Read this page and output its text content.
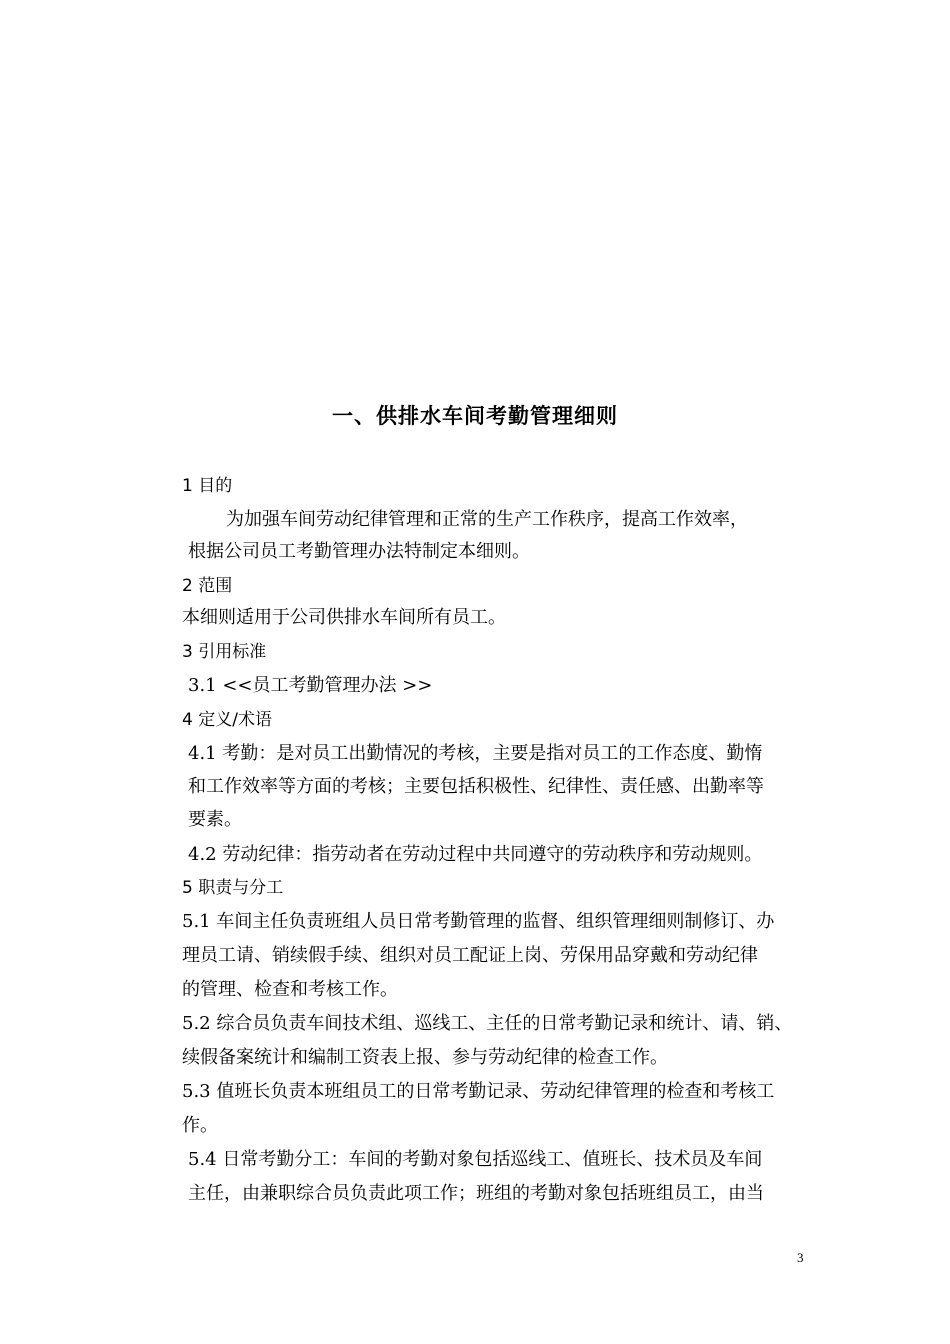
一、供排水车间考勤管理细则
1 目的
为加强车间劳动纪律管理和正常的生产工作秩序，提高工作效率，
根据公司员工考勤管理办法特制定本细则。
2 范围
本细则适用于公司供排水车间所有员工。
3 引用标准
3.1 <<员工考勤管理办法 >>
4 定义/术语
4.1 考勤：是对员工出勤情况的考核，主要是指对员工的工作态度、勤惰
和工作效率等方面的考核；主要包括积极性、纪律性、责任感、出勤率等
要素。
4.2 劳动纪律：指劳动者在劳动过程中共同遵守的劳动秩序和劳动规则。
5 职责与分工
5.1 车间主任负责班组人员日常考勤管理的监督、组织管理细则制修订、办
理员工请、销续假手续、组织对员工配证上岗、劳保用品穿戴和劳动纪律
的管理、检查和考核工作。
5.2 综合员负责车间技术组、巡线工、主任的日常考勤记录和统计、请、销、
续假备案统计和编制工资表上报、参与劳动纪律的检查工作。
5.3 值班长负责本班组员工的日常考勤记录、劳动纪律管理的检查和考核工
作。
5.4 日常考勤分工：车间的考勤对象包括巡线工、值班长、技术员及车间
主任，由兼职综合员负责此项工作；班组的考勤对象包括班组员工，由当
3
